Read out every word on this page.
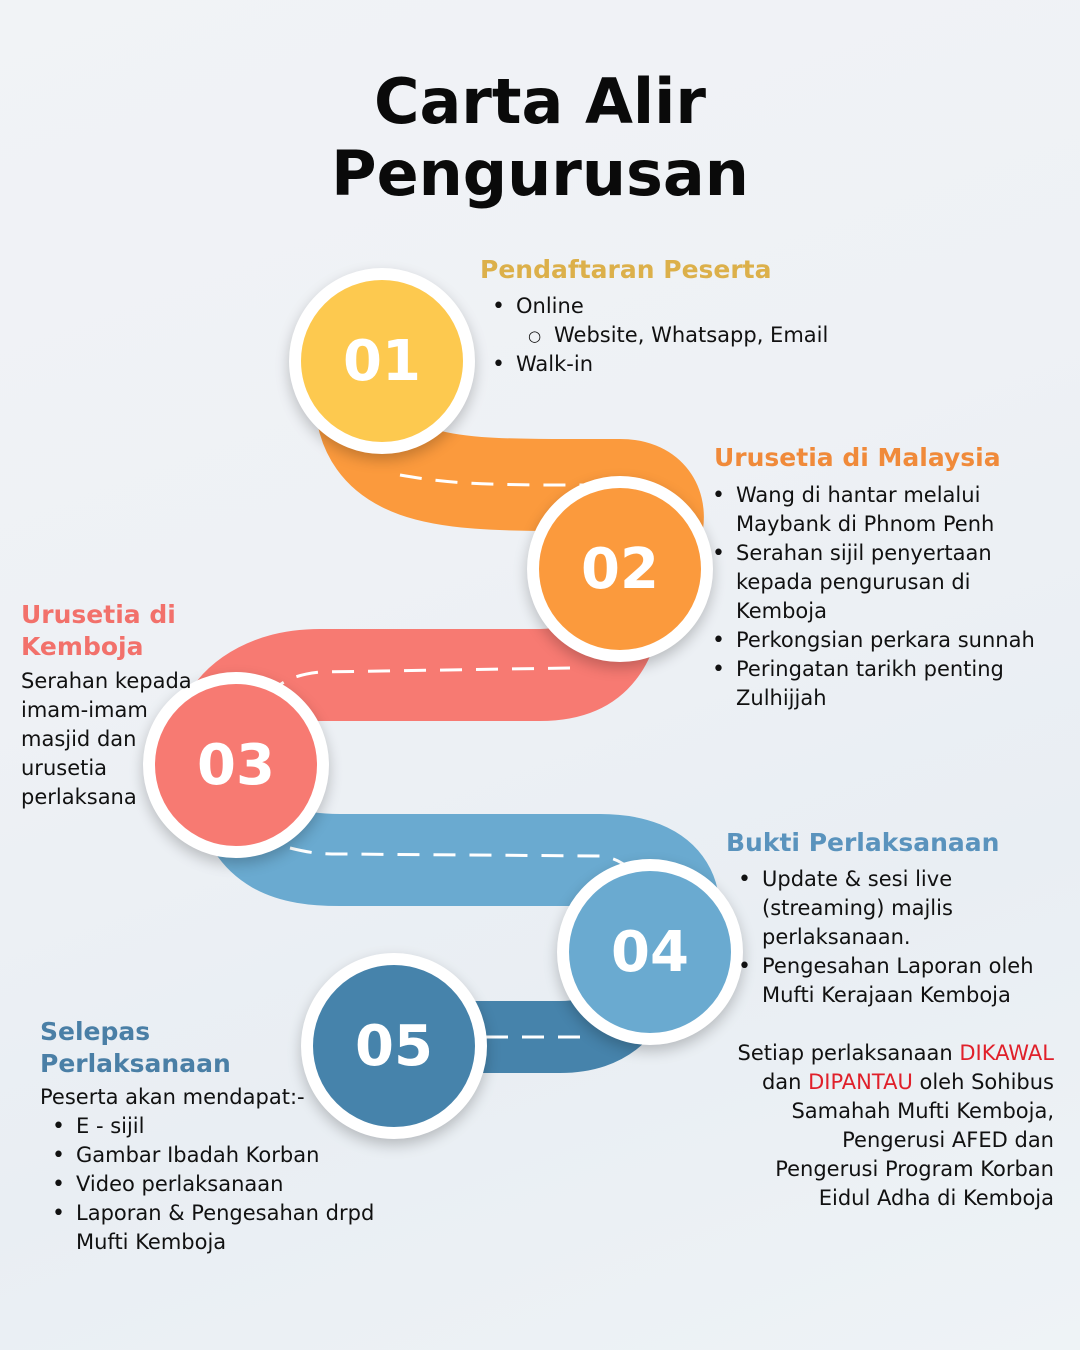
Carta Alir
Pengurusan
01
02
03
04
05
Pendaftaran Peserta
• Online
○ Website, Whatsapp, Email
• Walk-in
Urusetia di Malaysia
• Wang di hantar melalui
Maybank di Phnom Penh
• Serahan sijil penyertaan
kepada pengurusan di
Kemboja
• Perkongsian perkara sunnah
• Peringatan tarikh penting
Zulhijjah
Urusetia di
Kemboja
Serahan kepada
imam-imam
masjid dan
urusetia
perlaksana
Bukti Perlaksanaan
• Update & sesi live
(streaming) majlis
perlaksanaan.
• Pengesahan Laporan oleh
Mufti Kerajaan Kemboja
Setiap perlaksanaan DIKAWAL
dan DIPANTAU oleh Sohibus
Samahah Mufti Kemboja,
Pengerusi AFED dan
Pengerusi Program Korban
Eidul Adha di Kemboja
Selepas
Perlaksanaan
Peserta akan mendapat:-
• E - sijil
• Gambar Ibadah Korban
• Video perlaksanaan
• Laporan & Pengesahan drpd
Mufti Kemboja
